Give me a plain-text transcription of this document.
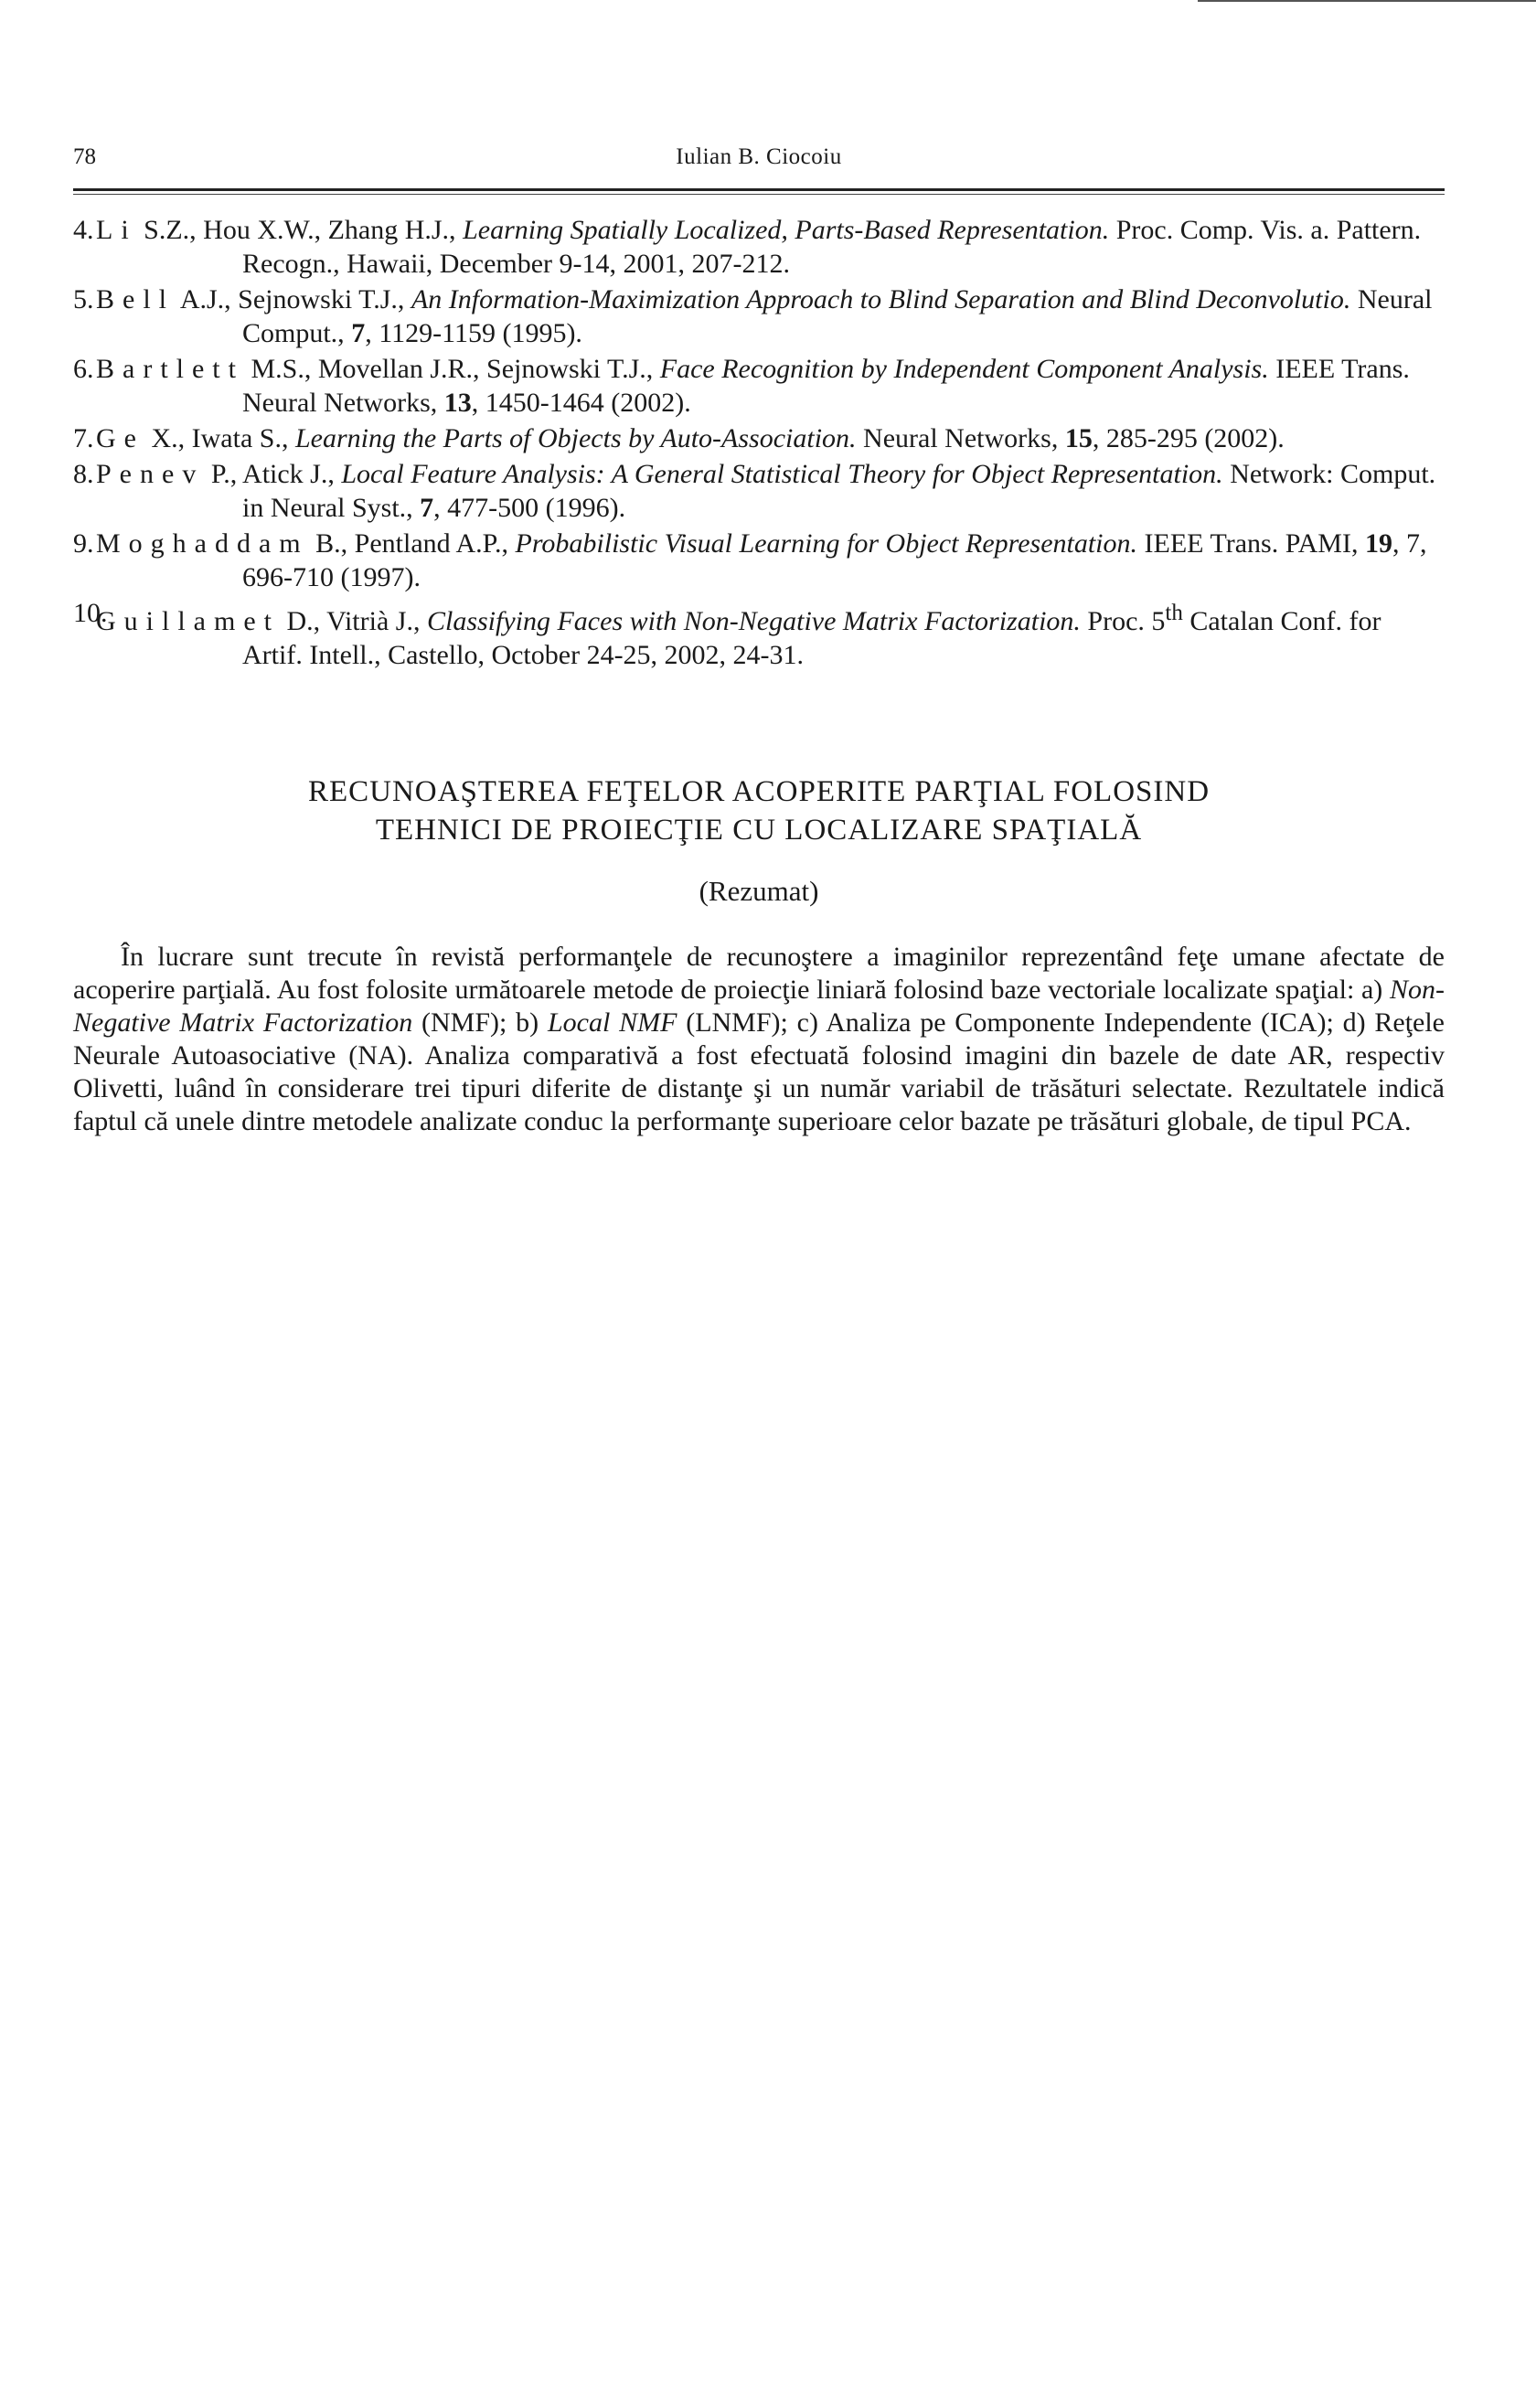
78	Iulian B. Ciocoiu
4. Li S.Z., Hou X.W., Zhang H.J., Learning Spatially Localized, Parts-Based Representation. Proc. Comp. Vis. a. Pattern. Recogn., Hawaii, December 9-14, 2001, 207-212.
5. Bell A.J., Sejnowski T.J., An Information-Maximization Approach to Blind Separation and Blind Deconvolutio. Neural Comput., 7, 1129-1159 (1995).
6. Bartlett M.S., Movellan J.R., Sejnowski T.J., Face Recognition by Independent Component Analysis. IEEE Trans. Neural Networks, 13, 1450-1464 (2002).
7. Ge X., Iwata S., Learning the Parts of Objects by Auto-Association. Neural Networks, 15, 285-295 (2002).
8. Penev P., Atick J., Local Feature Analysis: A General Statistical Theory for Object Representation. Network: Comput. in Neural Syst., 7, 477-500 (1996).
9. Moghaddam B., Pentland A.P., Probabilistic Visual Learning for Object Representation. IEEE Trans. PAMI, 19, 7, 696-710 (1997).
10.
Guillamet D., Vitrià J., Classifying Faces with Non-Negative Matrix Factorization. Proc. 5th Catalan Conf. for Artif. Intell., Castello, October 24-25, 2002, 24-31.
RECUNOAŞTEREA FEŢELOR ACOPERITE PARŢIAL FOLOSIND
TEHNICI DE PROIECŢIE CU LOCALIZARE SPAŢIALĂ
(Rezumat)
În lucrare sunt trecute în revistă performanţele de recunoştere a imaginilor reprezentând feţe umane afectate de acoperire parţială. Au fost folosite următoarele metode de proiecţie liniară folosind baze vectoriale localizate spaţial: a) Non-Negative Matrix Factorization (NMF); b) Local NMF (LNMF); c) Analiza pe Componente Independente (ICA); d) Reţele Neurale Autoasociative (NA). Analiza comparativă a fost efectuată folosind imagini din bazele de date AR, respectiv Olivetti, luând în considerare trei tipuri diferite de distanţe şi un număr variabil de trăsături selectate. Rezultatele indică faptul că unele dintre metodele analizate conduc la performanţe superioare celor bazate pe trăsături globale, de tipul PCA.
